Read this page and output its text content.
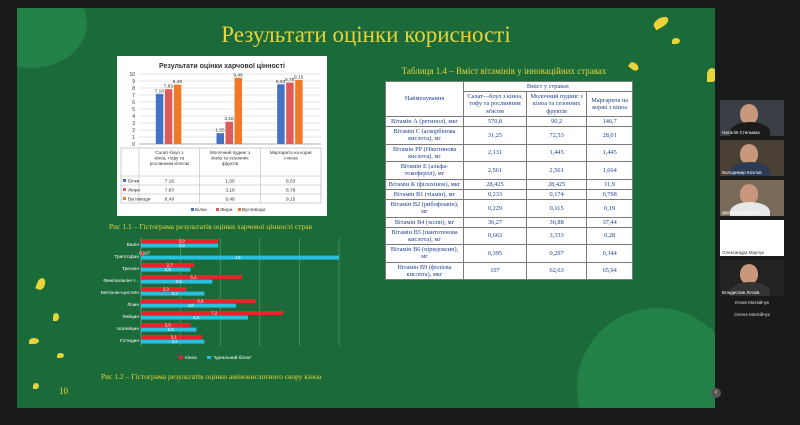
Результати оцінки корисності
Результати оцінки харчової цінності
0
1
2
3
4
5
6
7
8
9
10
7,16
7,83
8,49
1,55
3,18
9,46
8,53 8,78
9,15
Салат-боул з кіноа, тофу та рослинним м'ясом
Молочний пудинг з кіноа та сезонних фруктів
Маргарита на коржі з кіноа
Білки	7,16	1,55	8,53
Жири	7,83	3,18	8,78
Вуглеводи	8,49	9,46	9,15
Білки	Жири Вуглеводи
Рис 1.1 – Гістограма результатів оцінки харчової цінності страв
Валін
3,9
3,9
Триптофан
0,167
10
Треонін
2,7
2,5
Фенілаланін+т...
5,1
3,6
Метіонін+цистеїн
2,3
3,2
Лізин
5,8
4,8
Лейцин
7,2
5,4
Ізолейцин
2,5
2,8
Гістидин
3,1
3,2
Кіноа	"Ідеальний білок"
Рис 1.2 – Гістограма результатів оцінки амінокислотного скору кінoa
Таблиця 1.4 – Вміст вітамінів у інноваційних стравах
Найменування	Вміст у стравах		
	Салат—боул з кіноа, тофу та рослинним м'ясом	Молочний пудинг з кіноа та сезонних фруктів	Маргарита на коржі з кіноа
Вітамін А (ретинол), мкг	570,8	90,2	146,7
Вітамін С (аскорбінова кислота), мг	31,25	72,53	28,01
Вітамін РР (Нікотинова кислота), мг	2,131	1,445	1,445
Вітамін Е (альфа-токоферол), мг	2,561	2,561	1,664
Вітамін К (філохінон), мкг	28,425	28,425	11,9
Вітамін В1 (тіамін), мг	0,233	0,174	0,798
Вітамін В2 (рибофлавін), мг	0,229	0,115	0,19
Вітамін В4 (холін), мг	36,27	36,88	37,44
Вітамін В5 (пантотенова кислота), мг	0,663	3,333	0,28
Вітамін В6 (піридоксин), мг	0,395	0,297	0,344
Вітамін В9 (фолієва кислота), мкг	107	62,63	65,94
10
Наталія Стельмах
Володимир Козлов
Дарія Бондаренко
Олександра Марчук
Владислав Лесків
Юлия Матвійчук
Олена Матвійчук
‹
